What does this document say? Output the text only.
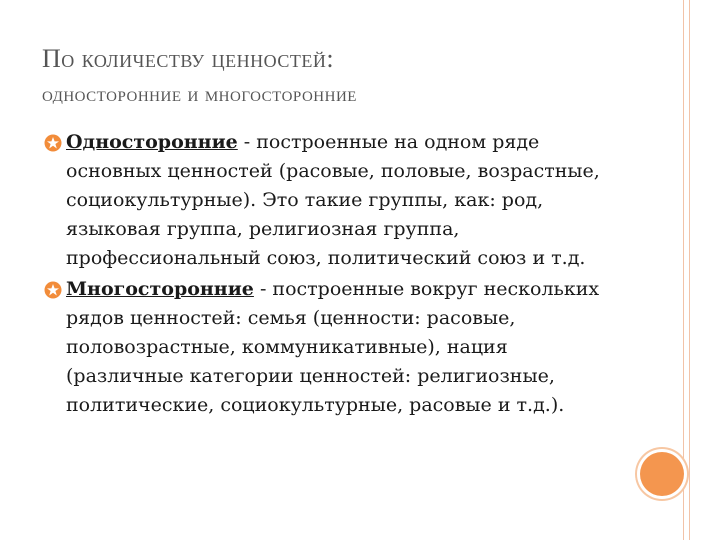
По количеству ценностей:
односторонние и многосторонние
Односторонние - построенные на одном ряде основных ценностей (расовые, половые, возрастные, социокультурные). Это такие группы, как: род, языковая группа, религиозная группа, профессиональный союз, политический союз и т.д.
Многосторонние - построенные вокруг нескольких рядов ценностей: семья (ценности: расовые, половозрастные, коммуникативные), нация (различные категории ценностей: религиозные, политические, социокультурные, расовые и т.д.).
